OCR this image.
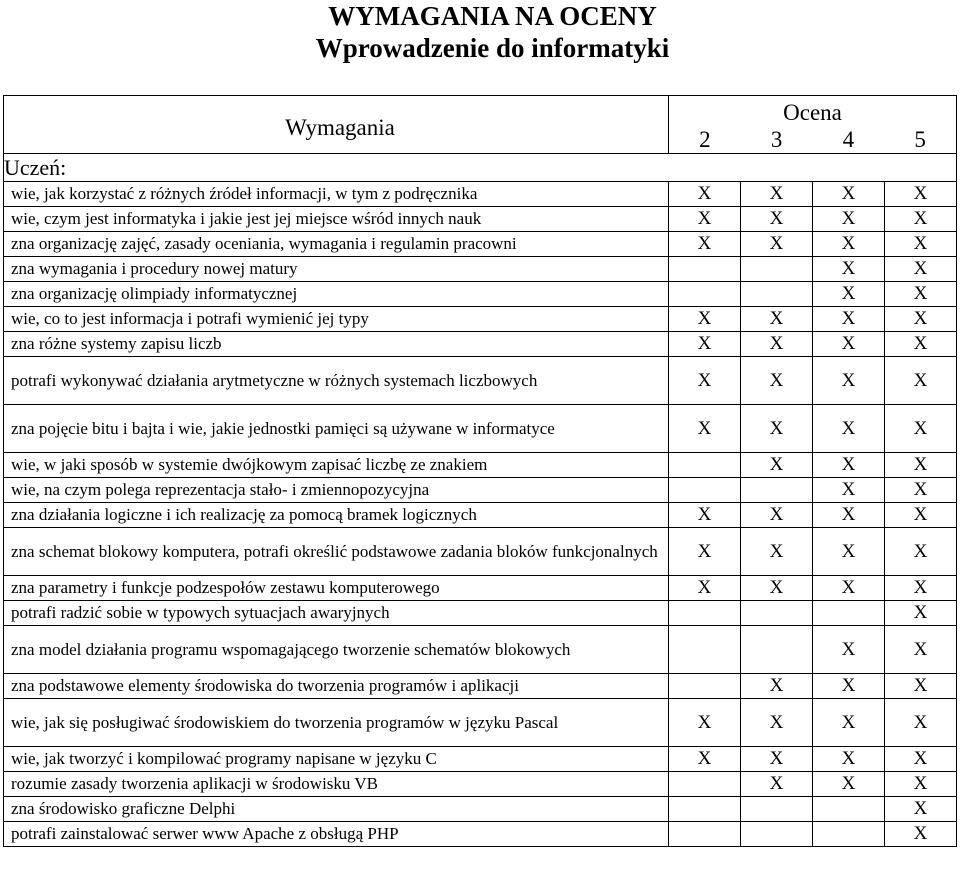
WYMAGANIA NA OCENY
Wprowadzenie do informatyki
Wymagania	Ocena
2 3 4 5			

Uczeń:				
wie, jak korzystać z różnych źródeł informacji, w tym z podręcznika	X	X	X	X
wie, czym jest informatyka i jakie jest jej miejsce wśród innych nauk	X	X	X	X
zna organizację zajęć, zasady oceniania, wymagania i regulamin pracowni	X	X	X	X
zna wymagania i procedury nowej matury			X	X
zna organizację olimpiady informatycznej			X	X
wie, co to jest informacja i potrafi wymienić jej typy	X	X	X	X
zna różne systemy zapisu liczb	X	X	X	X
potrafi wykonywać działania arytmetyczne w różnych systemach liczbowych	X	X	X	X
zna pojęcie bitu i bajta i wie, jakie jednostki pamięci są używane w informatyce	X	X	X	X
wie, w jaki sposób w systemie dwójkowym zapisać liczbę ze znakiem		X	X	X
wie, na czym polega reprezentacja stało- i zmiennopozycyjna			X	X
zna działania logiczne i ich realizację za pomocą bramek logicznych	X	X	X	X
zna schemat blokowy komputera, potrafi określić podstawowe zadania bloków funkcjonalnych	X	X	X	X
zna parametry i funkcje podzespołów zestawu komputerowego	X	X	X	X
potrafi radzić sobie w typowych sytuacjach awaryjnych				X
zna model działania programu wspomagającego tworzenie schematów blokowych			X	X
zna podstawowe elementy środowiska do tworzenia programów i aplikacji		X	X	X
wie, jak się posługiwać środowiskiem do tworzenia programów w języku Pascal	X	X	X	X
wie, jak tworzyć i kompilować programy napisane w języku C	X	X	X	X
rozumie zasady tworzenia aplikacji w środowisku VB		X	X	X
zna środowisko graficzne Delphi				X
potrafi zainstalować serwer www Apache z obsługą PHP				X
